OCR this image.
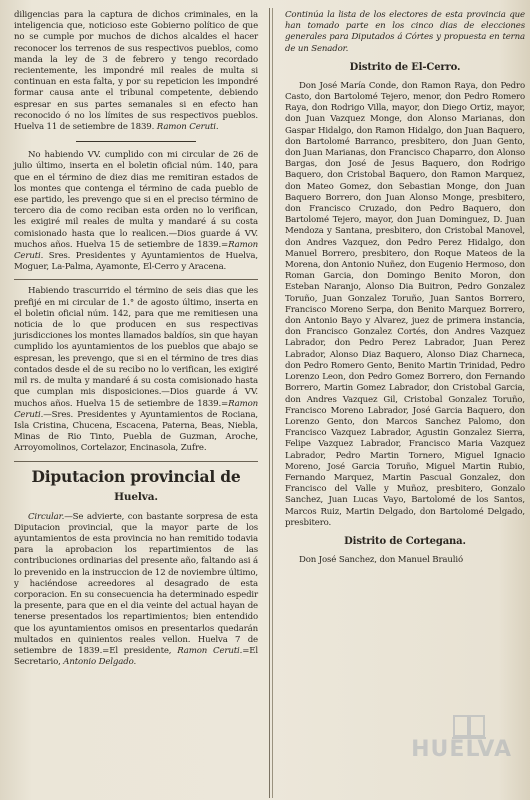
diligencias para la captura de dichos criminales, en la inteligencia que, noticioso este Gobierno político de que no se cumple por muchos de dichos alcaldes el hacer reconocer los terrenos de sus respectivos pueblos, como manda la ley de 3 de febrero y tengo recordado recientemente, les impondré mil reales de multa si continuan en esta falta, y por su repeticion les impondré formar causa ante el tribunal competente, debiendo espresar en sus partes semanales si en efecto han reconocido ó no los límites de sus respectivos pueblos. Huelva 11 de setiembre de 1839. Ramon Ceruti.

No habiendo VV. cumplido con mi circular de 26 de julio último, inserta en el boletin oficial núm. 140, para que en el término de diez dias me remitiran estados de los montes que contenga el término de cada pueblo de ese partido, les prevengo que si en el preciso término de tercero dia de como reciban esta orden no lo verifican, les exigiré mil reales de multa y mandaré á su costa comisionado hasta que lo realicen.—Dios guarde á VV. muchos años. Huelva 15 de setiembre de 1839.=Ramon Ceruti. Sres. Presidentes y Ayuntamientos de Huelva, Moguer, La-Palma, Ayamonte, El-Cerro y Aracena.

Habiendo trascurrido el término de seis dias que les prefijé en mi circular de 1.° de agosto último, inserta en el boletin oficial núm. 142, para que me remitiesen una noticia de lo que producen en sus respectivas jurisdicciones los montes llamados baldíos, sin que hayan cumplido los ayuntamientos de los pueblos que abajo se espresan, les prevengo, que si en el término de tres dias contados desde el de su recibo no lo verifican, les exigiré mil rs. de multa y mandaré á su costa comisionado hasta que cumplan mis disposiciones.—Dios guarde á VV. muchos años. Huelva 15 de setiembre de 1839.=Ramon Ceruti.—Sres. Presidentes y Ayuntamientos de Rociana, Isla Cristina, Chucena, Escacena, Paterna, Beas, Niebla, Minas de Rio Tinto, Puebla de Guzman, Aroche, Arroyomolinos, Cortelazor, Encinasola, Zufre.

Diputacion provincial de
Huelva.

Circular.—Se advierte, con bastante sorpresa de esta Diputacion provincial, que la mayor parte de los ayuntamientos de esta provincia no han remitido todavia para la aprobacion los repartimientos de las contribuciones ordinarias del presente año, faltando asi á lo prevenido en la instruccion de 12 de noviembre último, y haciéndose acreedores al desagrado de esta corporacion. En su consecuencia ha determinado espedir la presente, para que en el dia veinte del actual hayan de tenerse presentados los repartimientos; bien entendido que los ayuntamientos omisos en presentarlos quedarán multados en quinientos reales vellon. Huelva 7 de setiembre de 1839.=El presidente, Ramon Ceruti.=El Secretario, Antonio Delgado.

Continúa la lista de los electores de esta provincia que han tomado parte en los cinco dias de elecciones generales para Diputados á Córtes y propuesta en terna de un Senador.

Distrito de El-Cerro.

Don José María Conde, don Ramon Raya, don Pedro Casto, don Bartolomé Tejero, menor, don Pedro Romero Raya, don Rodrigo Villa, mayor, don Diego Ortiz, mayor, don Juan Vazquez Monge, don Alonso Marianas, don Gaspar Hidalgo, don Ramon Hidalgo, don Juan Baquero, don Bartolomé Barranco, presbitero, don Juan Gento, don Juan Marianas, don Francisco Chaparro, don Alonso Bargas, don José de Jesus Baquero, don Rodrigo Baquero, don Cristobal Baquero, don Ramon Marquez, don Mateo Gomez, don Sebastian Monge, don Juan Baquero Borrero, don Juan Alonso Monge, presbitero, don Francisco Cruzado, don Pedro Baquero, don Bartolomé Tejero, mayor, don Juan Dominguez, D. Juan Mendoza y Santana, presbitero, don Cristobal Manovel, don Andres Vazquez, don Pedro Perez Hidalgo, don Manuel Borrero, presbitero, don Roque Mateos de la Morena, don Antonio Nuñez, don Eugenio Hermoso, don Roman Garcia, don Domingo Benito Moron, don Esteban Naranjo, Alonso Dia Buitron, Pedro Gonzalez Toruño, Juan Gonzalez Toruño, Juan Santos Borrero, Francisco Moreno Serpa, don Benito Marquez Borrero, don Antonio Bayo y Alvarez, juez de primera instancia, don Francisco Gonzalez Cortés, don Andres Vazquez Labrador, don Pedro Perez Labrador, Juan Perez Labrador, Alonso Diaz Baquero, Alonso Diaz Charneca, don Pedro Romero Gento, Benito Martin Trinidad, Pedro Lorenzo Leon, don Pedro Gomez Borrero, don Fernando Borrero, Martin Gomez Labrador, don Cristobal Garcia, don Andres Vazquez Gil, Cristobal Gonzalez Toruño, Francisco Moreno Labrador, José Garcia Baquero, don Lorenzo Gento, don Marcos Sanchez Palomo, don Francisco Vazquez Labrador, Agustin Gonzalez Sierra, Felipe Vazquez Labrador, Francisco Maria Vazquez Labrador, Pedro Martin Tornero, Miguel Ignacio Moreno, José Garcia Toruño, Miguel Martin Rubio, Fernando Marquez, Martin Pascual Gonzalez, don Francisco del Valle y Muñoz, presbitero, Gonzalo Sanchez, Juan Lucas Vayo, Bartolomé de los Santos, Marcos Ruiz, Martin Delgado, don Bartolomé Delgado, presbitero.

Distrito de Cortegana.

Don José Sanchez, don Manuel Braulió

HUELVA
